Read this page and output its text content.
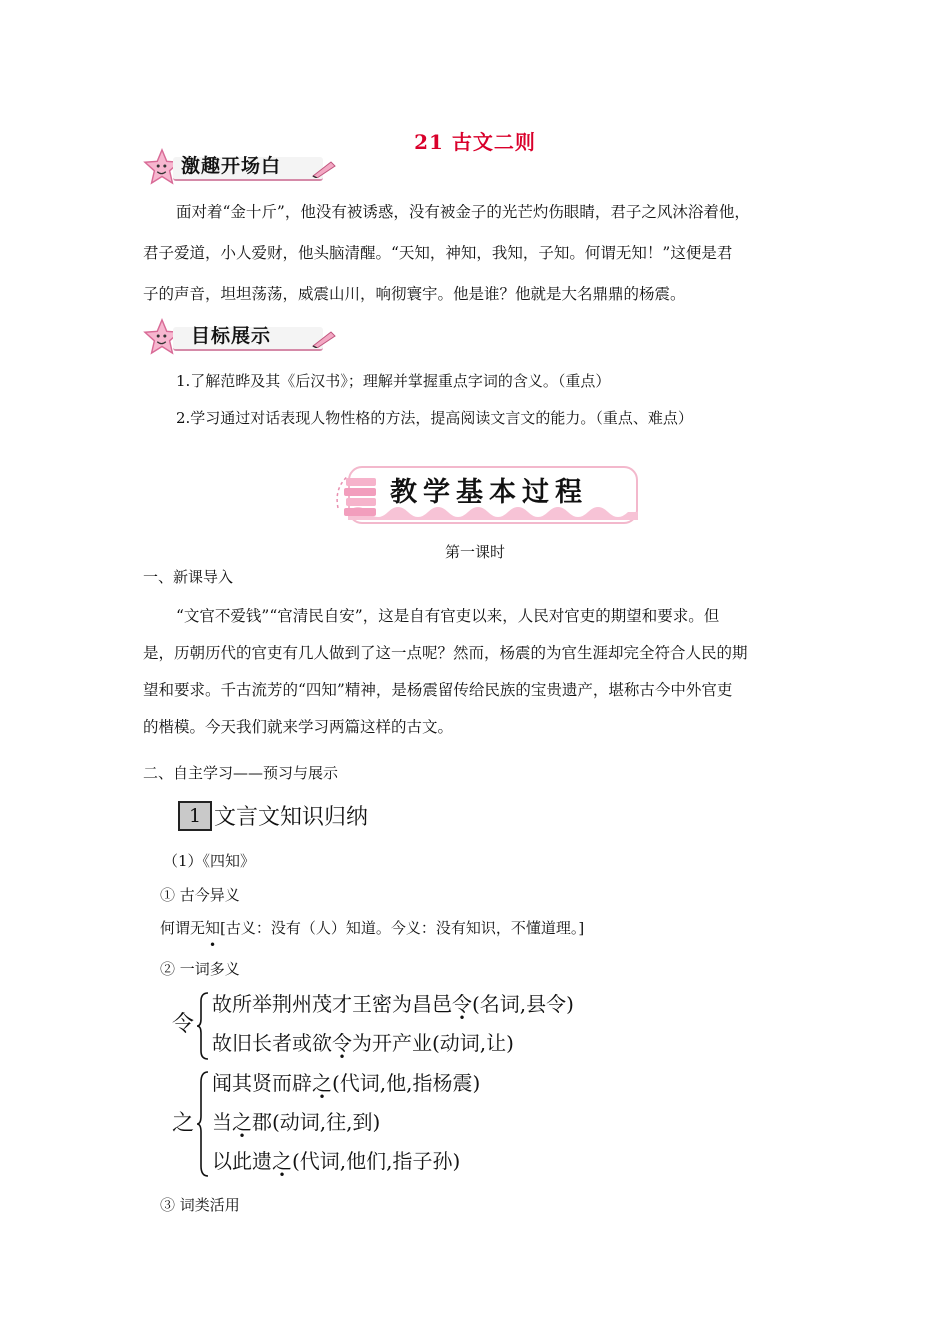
21 古文二则
激趣开场白
面对着“金十斤”，他没有被诱惑，没有被金子的光芒灼伤眼睛，君子之风沐浴着他，
君子爱道，小人爱财，他头脑清醒。“天知，神知，我知，子知。何谓无知！”这便是君
子的声音，坦坦荡荡，威震山川，响彻寰宇。他是谁？他就是大名鼎鼎的杨震。
目标展示
1.了解范晔及其《后汉书》；理解并掌握重点字词的含义。（重点）
2.学习通过对话表现人物性格的方法，提高阅读文言文的能力。（重点、难点）
教学基本过程
第一课时
一、新课导入
“文官不爱钱”“官清民自安”，这是自有官吏以来，人民对官吏的期望和要求。但
是，历朝历代的官吏有几人做到了这一点呢？然而，杨震的为官生涯却完全符合人民的期
望和要求。千古流芳的“四知”精神，是杨震留传给民族的宝贵遗产，堪称古今中外官吏
的楷模。今天我们就来学习两篇这样的古文。
二、自主学习——预习与展示
1 文言文知识归纳
（1）《四知》
① 古今异义
何谓无知[古义：没有（人）知道。今义：没有知识，不懂道理。]
② 一词多义
令
故所举荆州茂才王密为昌邑令(名词,县令)
故旧长者或欲令为开产业(动词,让)
之
闻其贤而辟之(代词,他,指杨震)
当之郡(动词,往,到)
以此遗之(代词,他们,指子孙)
③ 词类活用
